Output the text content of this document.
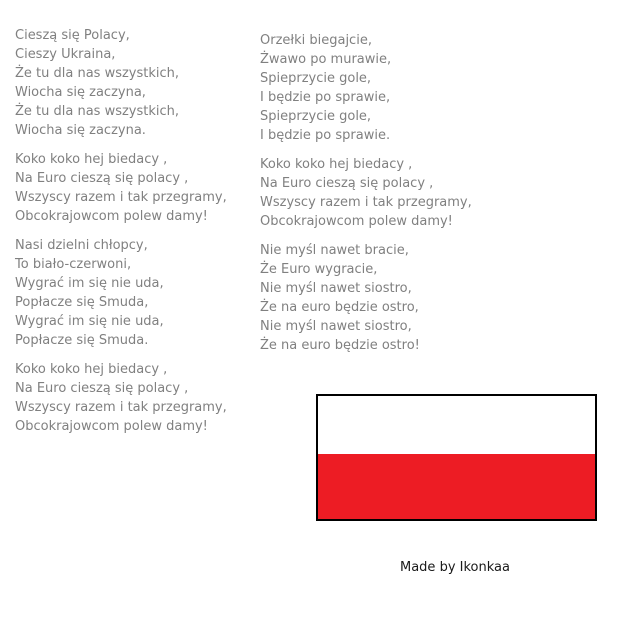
Cieszą się Polacy,
Cieszy Ukraina,
Że tu dla nas wszystkich,
Wiocha się zaczyna,
Że tu dla nas wszystkich,
Wiocha się zaczyna.
Koko koko hej biedacy ,
Na Euro cieszą się polacy ,
Wszyscy razem i tak przegramy,
Obcokrajowcom polew damy!
Nasi dzielni chłopcy,
To biało-czerwoni,
Wygrać im się nie uda,
Popłacze się Smuda,
Wygrać im się nie uda,
Popłacze się Smuda.
Koko koko hej biedacy ,
Na Euro cieszą się polacy ,
Wszyscy razem i tak przegramy,
Obcokrajowcom polew damy!
Orzełki biegajcie,
Żwawo po murawie,
Spieprzycie gole,
I będzie po sprawie,
Spieprzycie gole,
I będzie po sprawie.
Koko koko hej biedacy ,
Na Euro cieszą się polacy ,
Wszyscy razem i tak przegramy,
Obcokrajowcom polew damy!
Nie myśl nawet bracie,
Że Euro wygracie,
Nie myśl nawet siostro,
Że na euro będzie ostro,
Nie myśl nawet siostro,
Że na euro będzie ostro!
Made by Ikonkaa
